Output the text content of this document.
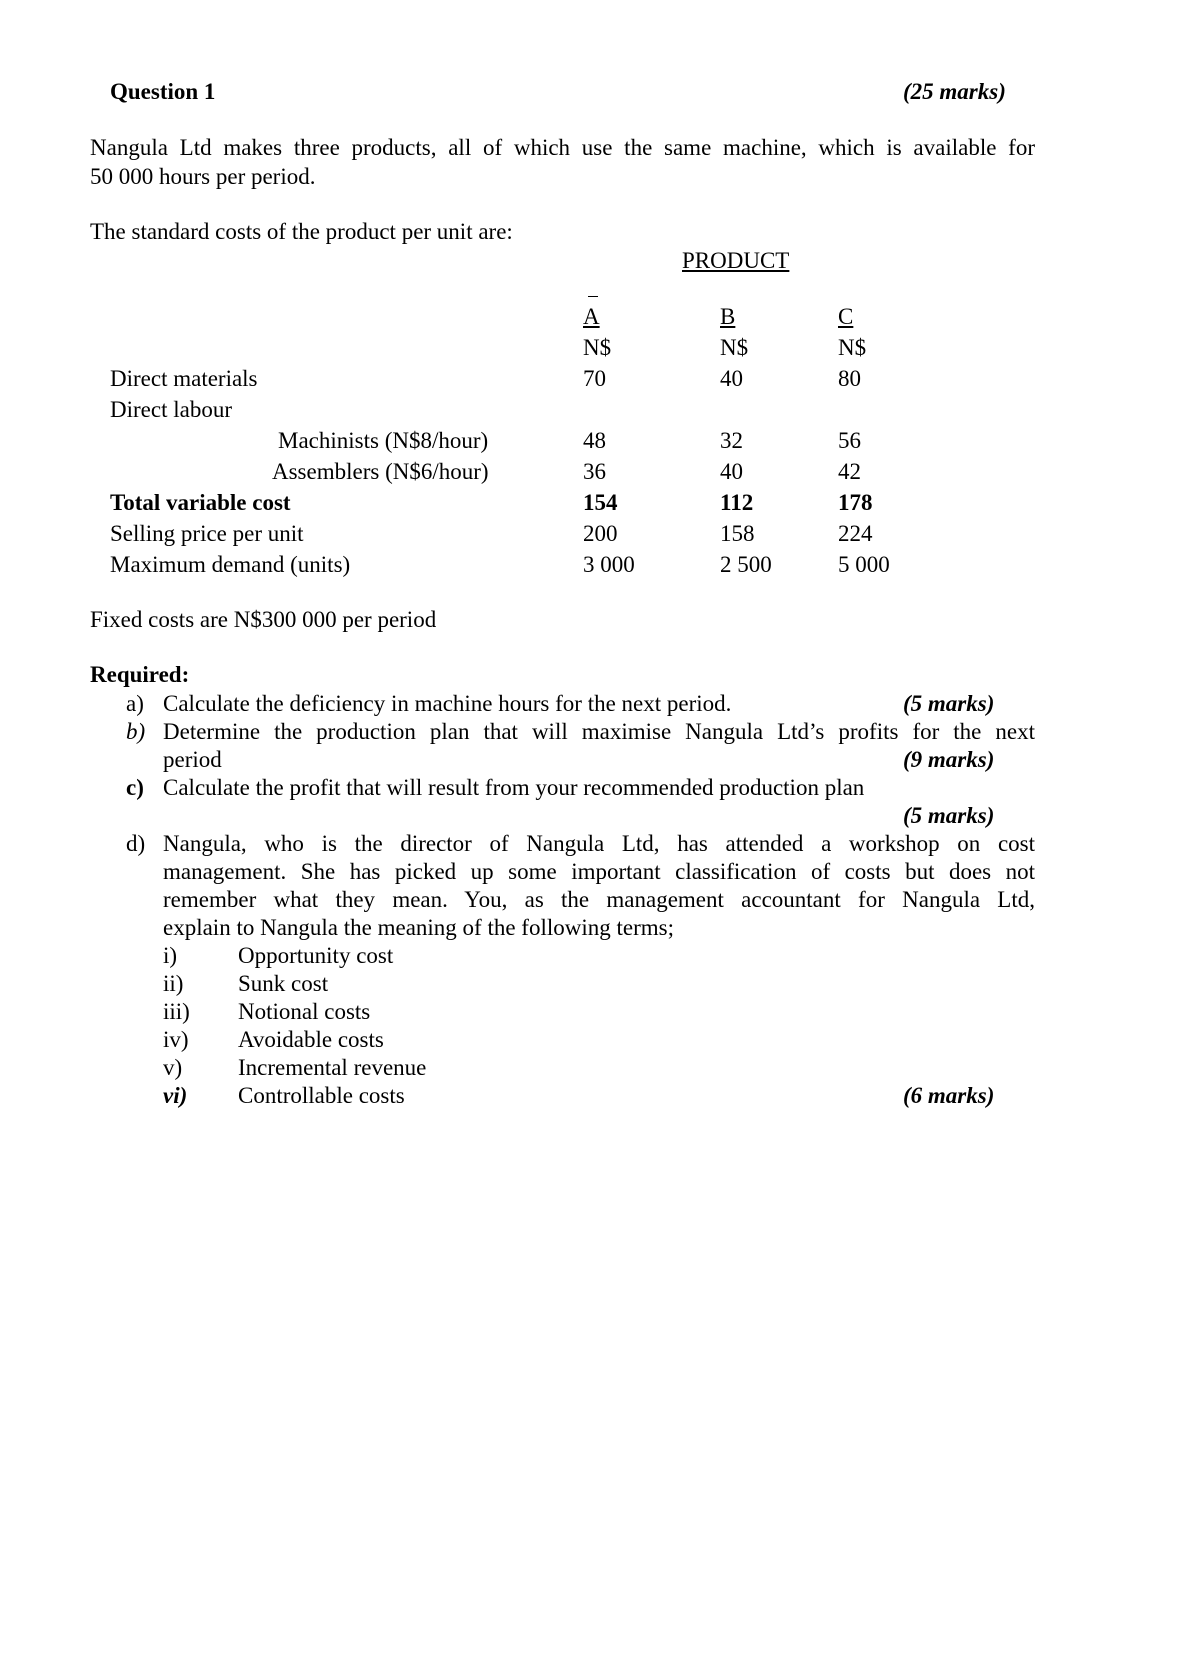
Question 1	(25 marks)
Nangula Ltd makes three products, all of which use the same machine, which is available for
50 000 hours per period.
The standard costs of the product per unit are:
PRODUCT
A	B	C
N$	N$	N$
Direct materials	70	40	80
Direct labour
Machinists (N$8/hour)	48	32	56
Assemblers (N$6/hour)	36	40	42
Total variable cost	154	112	178
Selling price per unit	200	158	224
Maximum demand (units)	3 000	2 500	5 000
Fixed costs are N$300 000 per period
Required:
a) Calculate the deficiency in machine hours for the next period.	(5 marks)
b) Determine the production plan that will maximise Nangula Ltd’s profits for the next
period	(9 marks)
c) Calculate the profit that will result from your recommended production plan
(5 marks)
d) Nangula, who is the director of Nangula Ltd, has attended a workshop on cost
management. She has picked up some important classification of costs but does not
remember what they mean. You, as the management accountant for Nangula Ltd,
explain to Nangula the meaning of the following terms;
i)	Opportunity cost
ii) Sunk cost
iii) Notional costs
iv) Avoidable costs
v) Incremental revenue
vi) Controllable costs	(6 marks)
